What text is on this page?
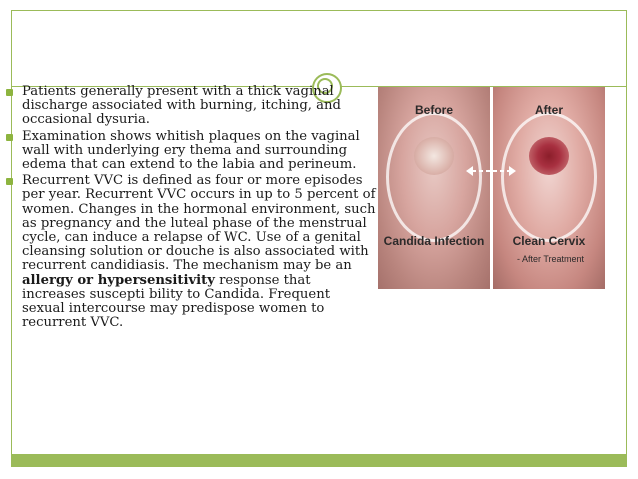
Patients generally present with a thick vaginal discharge associated with burning, itching, and occasional dysuria.
Examination shows whitish plaques on the vaginal wall with underlying ery thema and surrounding edema that can extend to the labia and perineum.
Recurrent VVC is defined as four or more episodes per year. Recurrent VVC occurs in up to 5 percent of women. Changes in the hormonal environment, such as pregnancy and the luteal phase of the menstrual cycle, can induce a relapse of WC. Use of a genital cleansing solution or douche is also associated with recurrent candidiasis. The mechanism may be an allergy or hypersensitivity response that increases suscepti bility to Candida. Frequent sexual intercourse may predispose women to recurrent VVC.
Before
Candida Infection
After
Clean Cervix
- After Treatment
